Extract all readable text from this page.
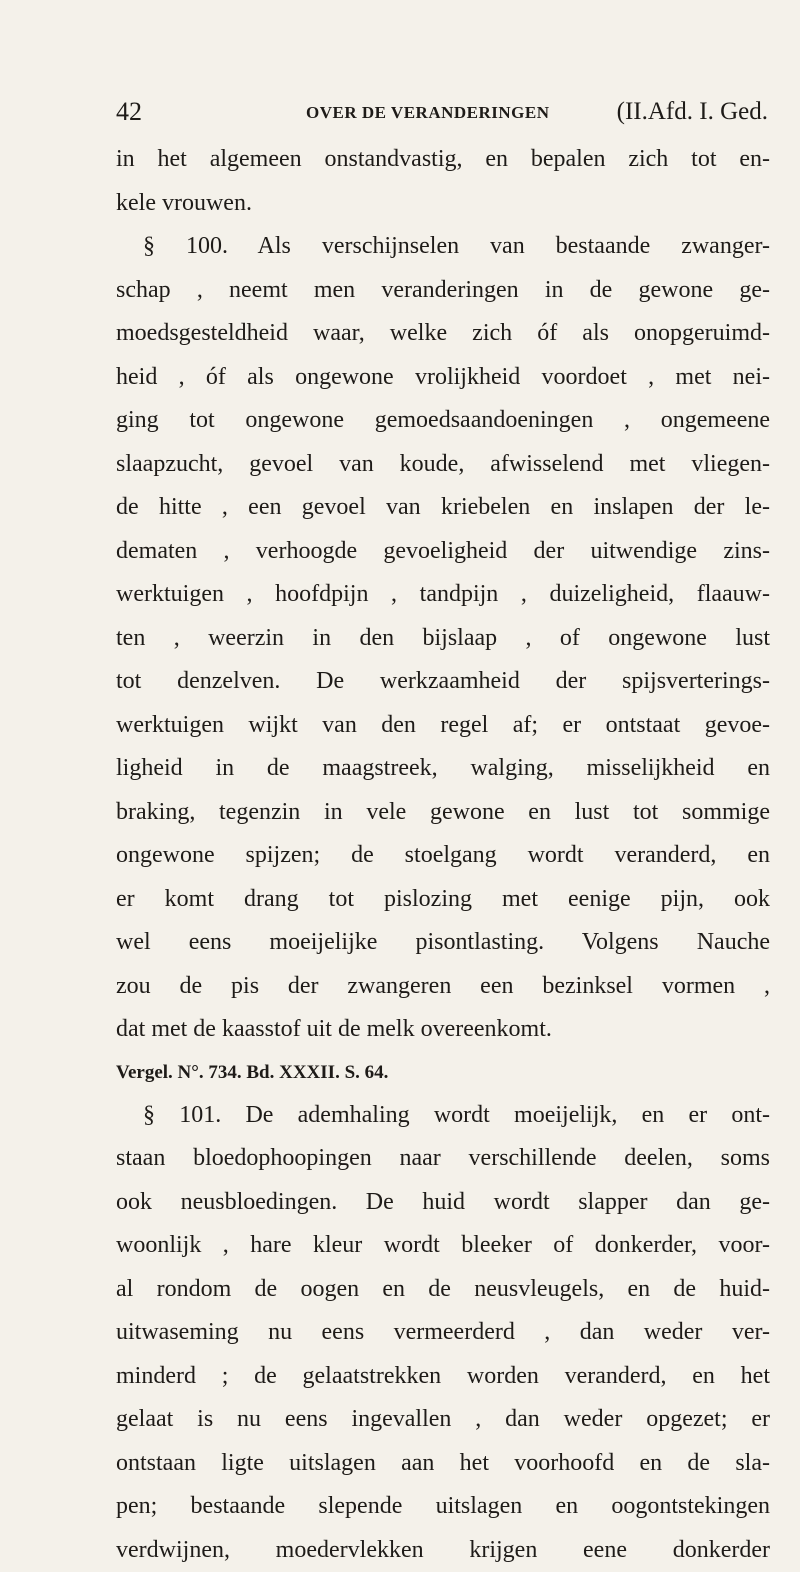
42	OVER DE VERANDERINGEN	(II.Afd. I. Ged.
in het algemeen onstandvastig, en bepalen zich tot en-
kele vrouwen.
§ 100. Als verschijnselen van bestaande zwanger-
schap , neemt men veranderingen in de gewone ge-
moedsgesteldheid waar, welke zich óf als onopgeruimd-
heid , óf als ongewone vrolijkheid voordoet , met nei-
ging tot ongewone gemoedsaandoeningen , ongemeene
slaapzucht, gevoel van koude, afwisselend met vliegen-
de hitte , een gevoel van kriebelen en inslapen der le-
dematen , verhoogde gevoeligheid der uitwendige zins-
werktuigen , hoofdpijn , tandpijn , duizeligheid, flaauw-
ten , weerzin in den bijslaap , of ongewone lust
tot denzelven. De werkzaamheid der spijsverterings-
werktuigen wijkt van den regel af; er ontstaat gevoe-
ligheid in de maagstreek, walging, misselijkheid en
braking, tegenzin in vele gewone en lust tot sommige
ongewone spijzen; de stoelgang wordt veranderd, en
er komt drang tot pislozing met eenige pijn, ook
wel eens moeijelijke pisontlasting. Volgens Nauche
zou de pis der zwangeren een bezinksel vormen ,
dat met de kaasstof uit de melk overeenkomt.
Vergel. N°. 734. Bd. XXXII. S. 64.
§ 101. De ademhaling wordt moeijelijk, en er ont-
staan bloedophoopingen naar verschillende deelen, soms
ook neusbloedingen. De huid wordt slapper dan ge-
woonlijk , hare kleur wordt bleeker of donkerder, voor-
al rondom de oogen en de neusvleugels, en de huid-
uitwaseming nu eens vermeerderd , dan weder ver-
minderd ; de gelaatstrekken worden veranderd, en het
gelaat is nu eens ingevallen , dan weder opgezet; er
ontstaan ligte uitslagen aan het voorhoofd en de sla-
pen; bestaande slepende uitslagen en oogontstekingen
verdwijnen, moedervlekken krijgen eene donkerder
